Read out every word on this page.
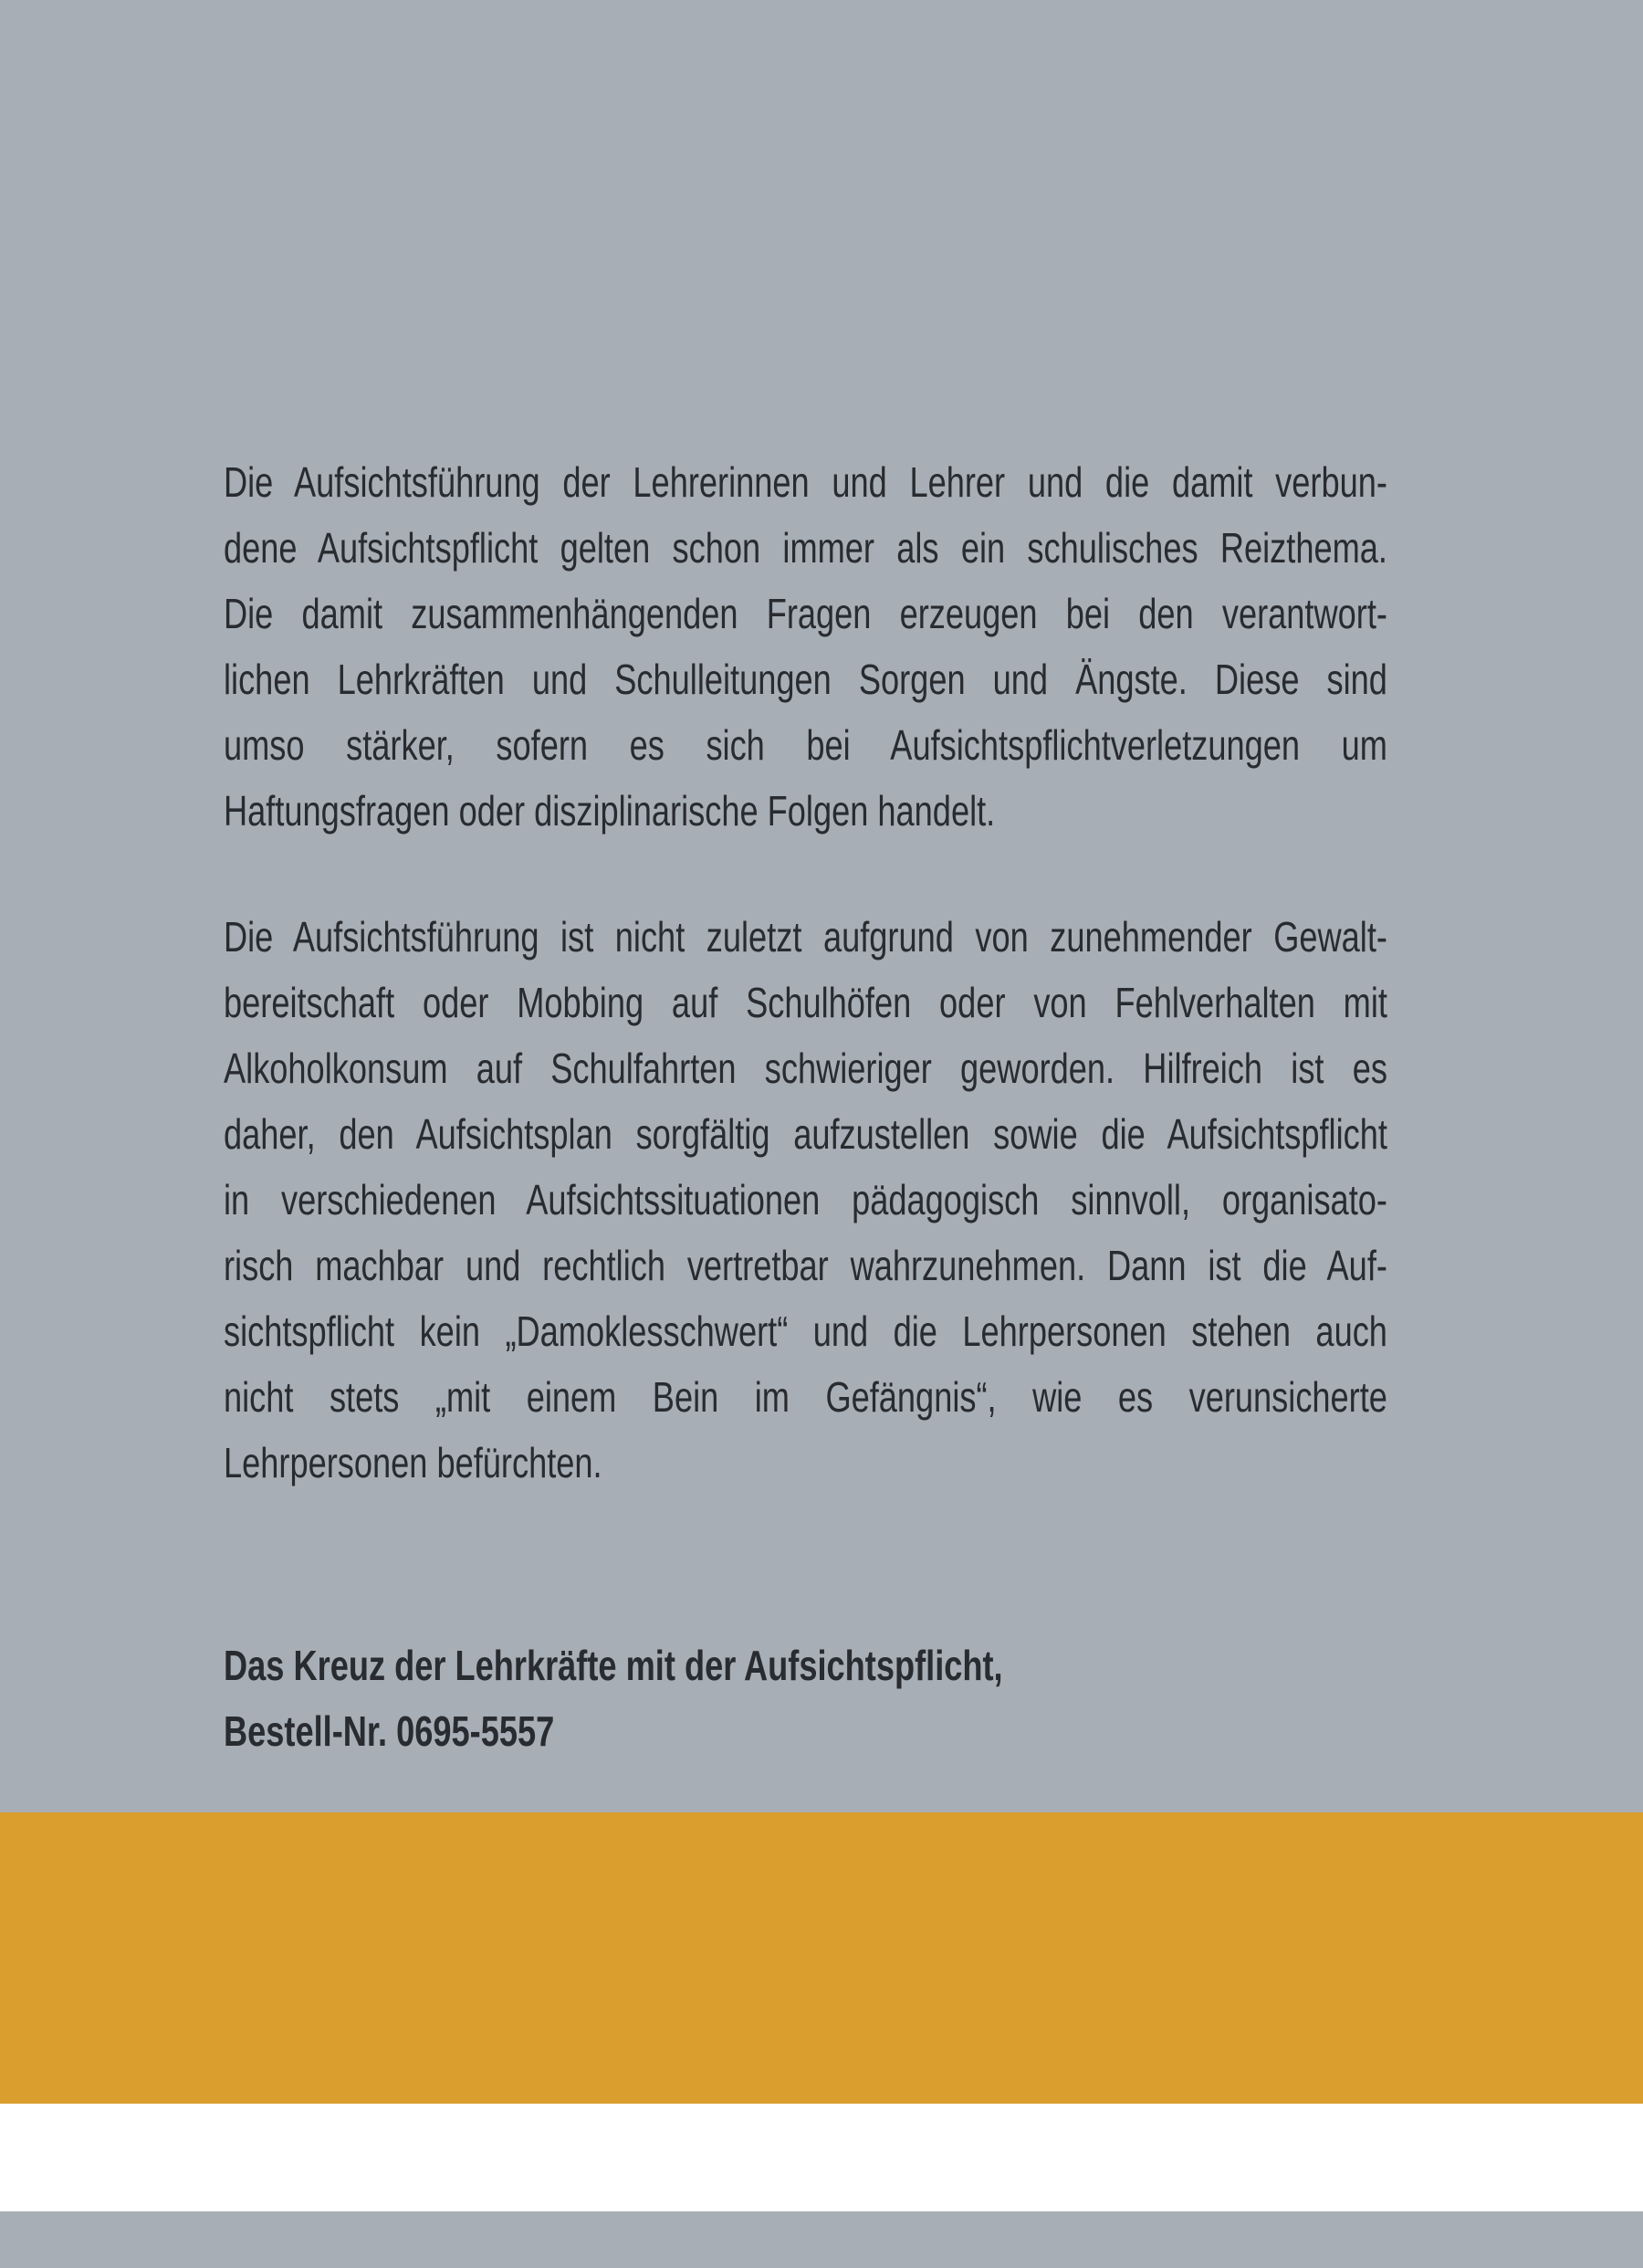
Die Aufsichtsführung der Lehrerinnen und Lehrer und die damit verbun-
dene Aufsichtspflicht gelten schon immer als ein schulisches Reizthema.
Die damit zusammenhängenden Fragen erzeugen bei den verantwort-
lichen Lehrkräften und Schulleitungen Sorgen und Ängste. Diese sind
umso stärker, sofern es sich bei Aufsichtspflichtverletzungen um
Haftungsfragen oder disziplinarische Folgen handelt.
Die Aufsichtsführung ist nicht zuletzt aufgrund von zunehmender Gewalt-
bereitschaft oder Mobbing auf Schulhöfen oder von Fehlverhalten mit
Alkoholkonsum auf Schulfahrten schwieriger geworden. Hilfreich ist es
daher, den Aufsichtsplan sorgfältig aufzustellen sowie die Aufsichtspflicht
in verschiedenen Aufsichtssituationen pädagogisch sinnvoll, organisato-
risch machbar und rechtlich vertretbar wahrzunehmen. Dann ist die Auf-
sichtspflicht kein „Damoklesschwert“ und die Lehrpersonen stehen auch
nicht stets „mit einem Bein im Gefängnis“, wie es verunsicherte
Lehrpersonen befürchten.
Das Kreuz der Lehrkräfte mit der Aufsichtspflicht,
Bestell-Nr. 0695-5557
